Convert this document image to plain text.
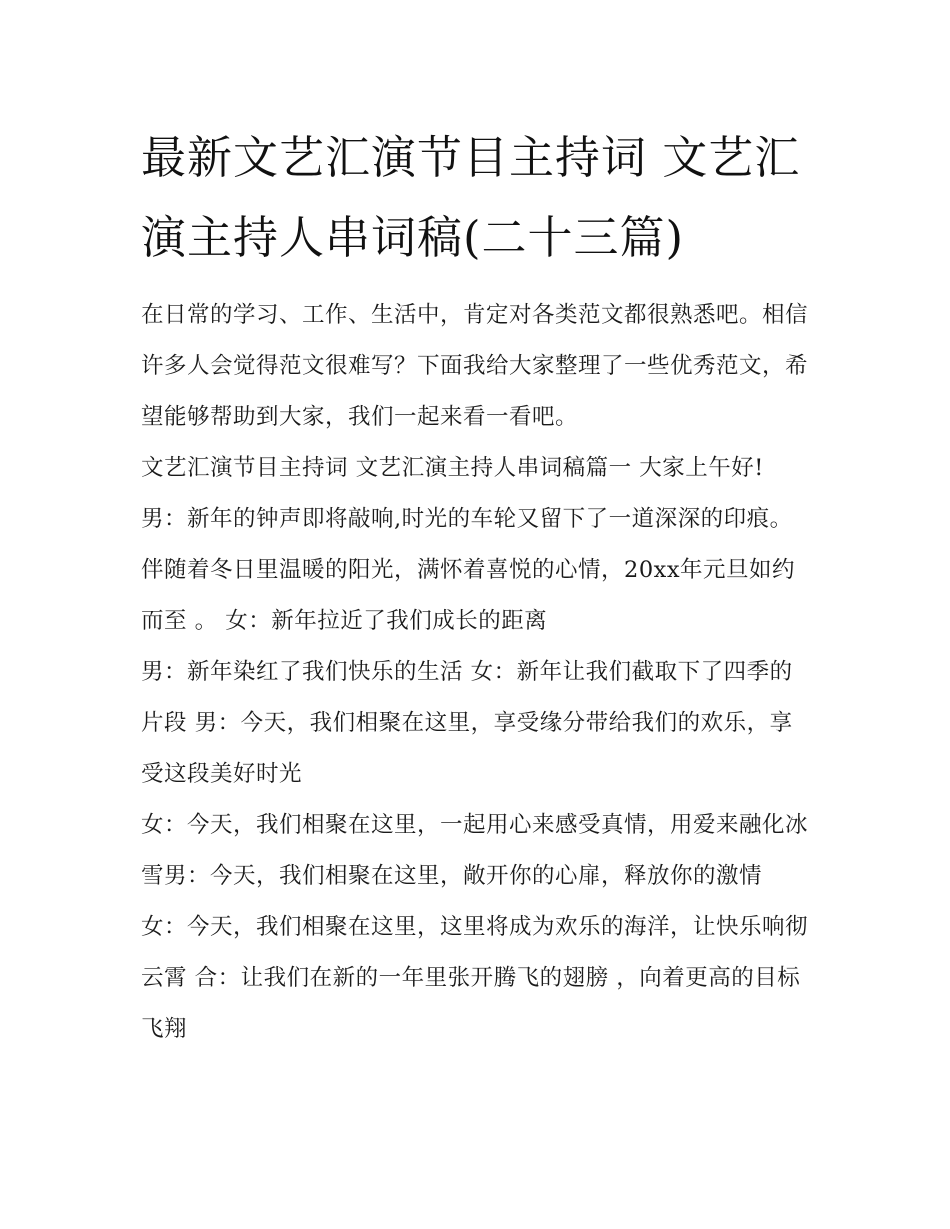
最新文艺汇演节目主持词 文艺汇演主持人串词稿(二十三篇)

在日常的学习、工作、生活中，肯定对各类范文都很熟悉吧。相信许多人会觉得范文很难写？下面我给大家整理了一些优秀范文，希望能够帮助到大家，我们一起来看一看吧。

文艺汇演节目主持词 文艺汇演主持人串词稿篇一 大家上午好!

男：新年的钟声即将敲响,时光的车轮又留下了一道深深的印痕。伴随着冬日里温暖的阳光，满怀着喜悦的心情，20xx年元旦如约而至 。 女：新年拉近了我们成长的距离

男：新年染红了我们快乐的生活 女：新年让我们截取下了四季的片段 男：今天，我们相聚在这里，享受缘分带给我们的欢乐，享受这段美好时光

女：今天，我们相聚在这里，一起用心来感受真情，用爱来融化冰雪男：今天，我们相聚在这里，敞开你的心扉，释放你的激情

女：今天，我们相聚在这里，这里将成为欢乐的海洋，让快乐响彻云霄 合：让我们在新的一年里张开腾飞的翅膀 ，向着更高的目标飞翔
